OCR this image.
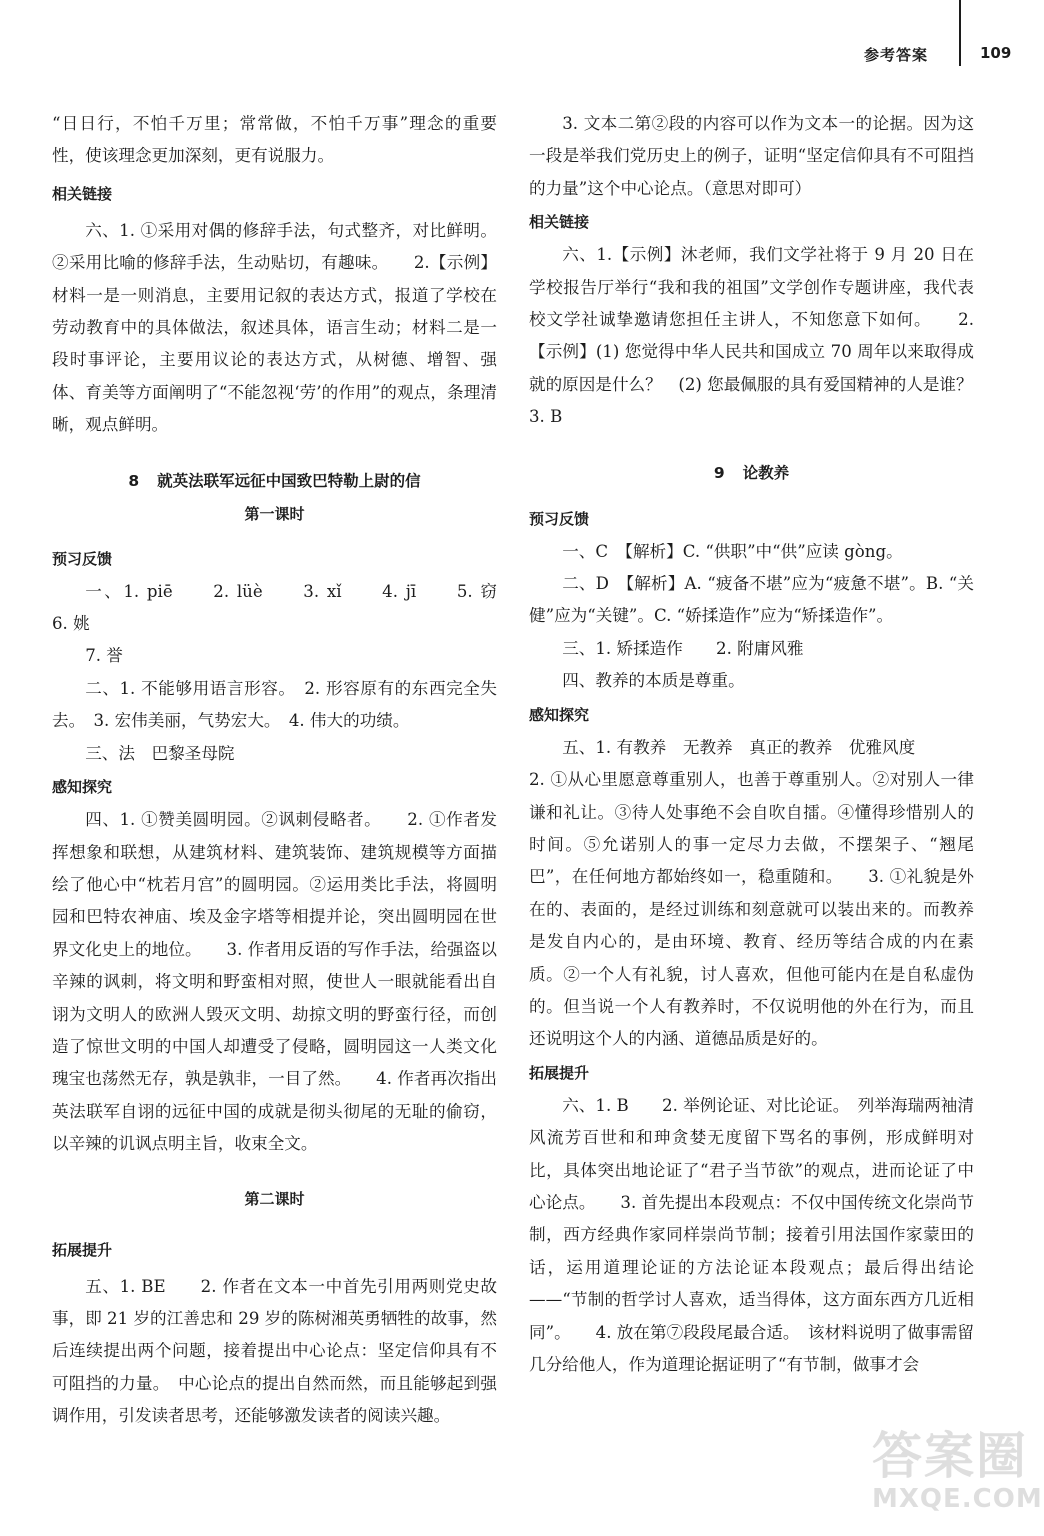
参考答案	109

“日日行，不怕千万里；常常做，不怕千万事”理念的重要性，使该理念更加深刻，更有说服力。

相关链接

六、1. ①采用对偶的修辞手法，句式整齐，对比鲜明。②采用比喻的修辞手法，生动贴切，有趣味。　　2.【示例】材料一是一则消息，主要用记叙的表达方式，报道了学校在劳动教育中的具体做法，叙述具体，语言生动；材料二是一段时事评论，主要用议论的表达方式，从树德、增智、强体、育美等方面阐明了“不能忽视‘劳’的作用”的观点，条理清晰，观点鲜明。

8 就英法联军远征中国致巴特勒上尉的信

第一课时

预习反馈

一、1. piē　　2. lüè　　3. xǐ　　4. jī　　5. 窃　　6. 姚

7. 誉

二、1. 不能够用语言形容。　2. 形容原有的东西完全失去。　3. 宏伟美丽，气势宏大。　4. 伟大的功绩。

三、法　巴黎圣母院

感知探究

四、1. ①赞美圆明园。②讽刺侵略者。　　2. ①作者发挥想象和联想，从建筑材料、建筑装饰、建筑规模等方面描绘了他心中“枕若月宫”的圆明园。②运用类比手法，将圆明园和巴特农神庙、埃及金字塔等相提并论，突出圆明园在世界文化史上的地位。　　3. 作者用反语的写作手法，给强盗以辛辣的讽刺，将文明和野蛮相对照，使世人一眼就能看出自诩为文明人的欧洲人毁灭文明、劫掠文明的野蛮行径，而创造了惊世文明的中国人却遭受了侵略，圆明园这一人类文化瑰宝也荡然无存，孰是孰非，一目了然。　　4. 作者再次指出英法联军自诩的远征中国的成就是彻头彻尾的无耻的偷窃，以辛辣的讥讽点明主旨，收束全文。

第二课时

拓展提升

五、1. BE　　2. 作者在文本一中首先引用两则党史故事，即 21 岁的江善忠和 29 岁的陈树湘英勇牺牲的故事，然后连续提出两个问题，接着提出中心论点：坚定信仰具有不可阻挡的力量。　中心论点的提出自然而然，而且能够起到强调作用，引发读者思考，还能够激发读者的阅读兴趣。

3. 文本二第②段的内容可以作为文本一的论据。因为这一段是举我们党历史上的例子，证明“坚定信仰具有不可阻挡的力量”这个中心论点。（意思对即可）

相关链接

六、1.【示例】沐老师，我们文学社将于 9 月 20 日在学校报告厅举行“我和我的祖国”文学创作专题讲座，我代表校文学社诚挚邀请您担任主讲人，不知您意下如何。　　2.【示例】(1) 您觉得中华人民共和国成立 70 周年以来取得成就的原因是什么？　(2) 您最佩服的具有爱国精神的人是谁？

3. B

9 论教养

预习反馈

一、C　【解析】C. “供职”中“供”应读 gòng。

二、D　【解析】A. “疲备不堪”应为“疲惫不堪”。B. “关健”应为“关键”。C. “娇揉造作”应为“矫揉造作”。

三、1. 矫揉造作　　2. 附庸风雅

四、教养的本质是尊重。

感知探究

五、1. 有教养　无教养　真正的教养　优雅风度

2. ①从心里愿意尊重别人，也善于尊重别人。②对别人一律谦和礼让。③待人处事绝不会自吹自擂。④懂得珍惜别人的时间。⑤允诺别人的事一定尽力去做，不摆架子、“翘尾巴”，在任何地方都始终如一，稳重随和。　　3. ①礼貌是外在的、表面的，是经过训练和刻意就可以装出来的。而教养是发自内心的，是由环境、教育、经历等结合成的内在素质。②一个人有礼貌，讨人喜欢，但他可能内在是自私虚伪的。但当说一个人有教养时，不仅说明他的外在行为，而且还说明这个人的内涵、道德品质是好的。

拓展提升

六、1. B　　2. 举例论证、对比论证。　列举海瑞两袖清风流芳百世和和珅贪婪无度留下骂名的事例，形成鲜明对比，具体突出地论证了“君子当节欲”的观点，进而论证了中心论点。　　3. 首先提出本段观点：不仅中国传统文化崇尚节制，西方经典作家同样崇尚节制；接着引用法国作家蒙田的话，运用道理论证的方法论证本段观点；最后得出结论——“节制的哲学讨人喜欢，适当得体，这方面东西方几近相同”。　　4. 放在第⑦段段尾最合适。　该材料说明了做事需留几分给他人，作为道理论据证明了“有节制，做事才会

答案圈
MXQE.COM
